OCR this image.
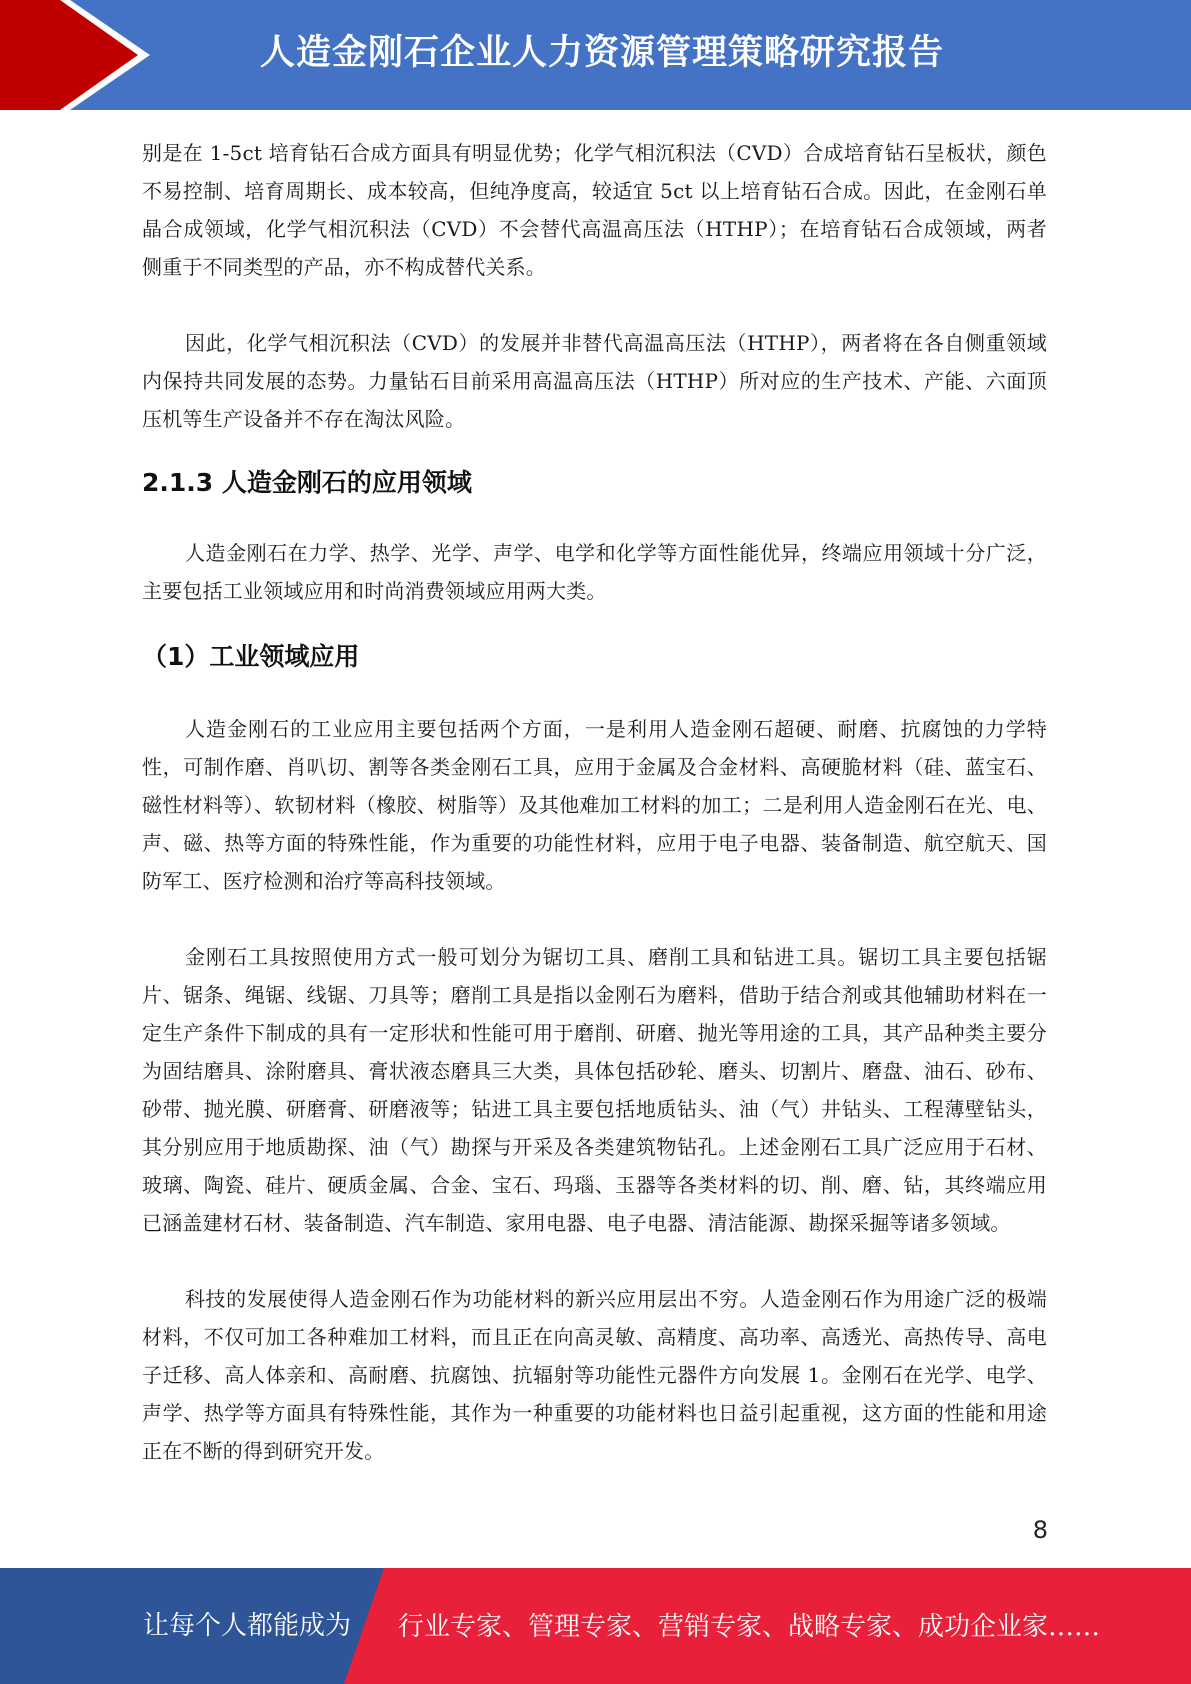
人造金刚石企业人力资源管理策略研究报告

别是在 1-5ct 培育钻石合成方面具有明显优势；化学气相沉积法（CVD）合成培育钻石呈板状，颜色不易控制、培育周期长、成本较高，但纯净度高，较适宜 5ct 以上培育钻石合成。因此，在金刚石单晶合成领域，化学气相沉积法（CVD）不会替代高温高压法（HTHP）；在培育钻石合成领域，两者侧重于不同类型的产品，亦不构成替代关系。

因此，化学气相沉积法（CVD）的发展并非替代高温高压法（HTHP），两者将在各自侧重领域内保持共同发展的态势。力量钻石目前采用高温高压法（HTHP）所对应的生产技术、产能、六面顶压机等生产设备并不存在淘汰风险。

2.1.3 人造金刚石的应用领域

人造金刚石在力学、热学、光学、声学、电学和化学等方面性能优异，终端应用领域十分广泛，主要包括工业领域应用和时尚消费领域应用两大类。

（1）工业领域应用

人造金刚石的工业应用主要包括两个方面，一是利用人造金刚石超硬、耐磨、抗腐蚀的力学特性，可制作磨、肖叭切、割等各类金刚石工具，应用于金属及合金材料、高硬脆材料（硅、蓝宝石、磁性材料等）、软韧材料（橡胶、树脂等）及其他难加工材料的加工；二是利用人造金刚石在光、电、声、磁、热等方面的特殊性能，作为重要的功能性材料，应用于电子电器、装备制造、航空航天、国防军工、医疗检测和治疗等高科技领域。

金刚石工具按照使用方式一般可划分为锯切工具、磨削工具和钻进工具。锯切工具主要包括锯片、锯条、绳锯、线锯、刀具等；磨削工具是指以金刚石为磨料，借助于结合剂或其他辅助材料在一定生产条件下制成的具有一定形状和性能可用于磨削、研磨、抛光等用途的工具，其产品种类主要分为固结磨具、涂附磨具、膏状液态磨具三大类，具体包括砂轮、磨头、切割片、磨盘、油石、砂布、砂带、抛光膜、研磨膏、研磨液等；钻进工具主要包括地质钻头、油（气）井钻头、工程薄壁钻头，其分别应用于地质勘探、油（气）勘探与开采及各类建筑物钻孔。上述金刚石工具广泛应用于石材、玻璃、陶瓷、硅片、硬质金属、合金、宝石、玛瑙、玉器等各类材料的切、削、磨、钻，其终端应用已涵盖建材石材、装备制造、汽车制造、家用电器、电子电器、清洁能源、勘探采掘等诸多领域。

科技的发展使得人造金刚石作为功能材料的新兴应用层出不穷。人造金刚石作为用途广泛的极端材料，不仅可加工各种难加工材料，而且正在向高灵敏、高精度、高功率、高透光、高热传导、高电子迁移、高人体亲和、高耐磨、抗腐蚀、抗辐射等功能性元器件方向发展 1。金刚石在光学、电学、声学、热学等方面具有特殊性能，其作为一种重要的功能材料也日益引起重视，这方面的性能和用途正在不断的得到研究开发。

8
让每个人都能成为 行业专家、管理专家、营销专家、战略专家、成功企业家……
